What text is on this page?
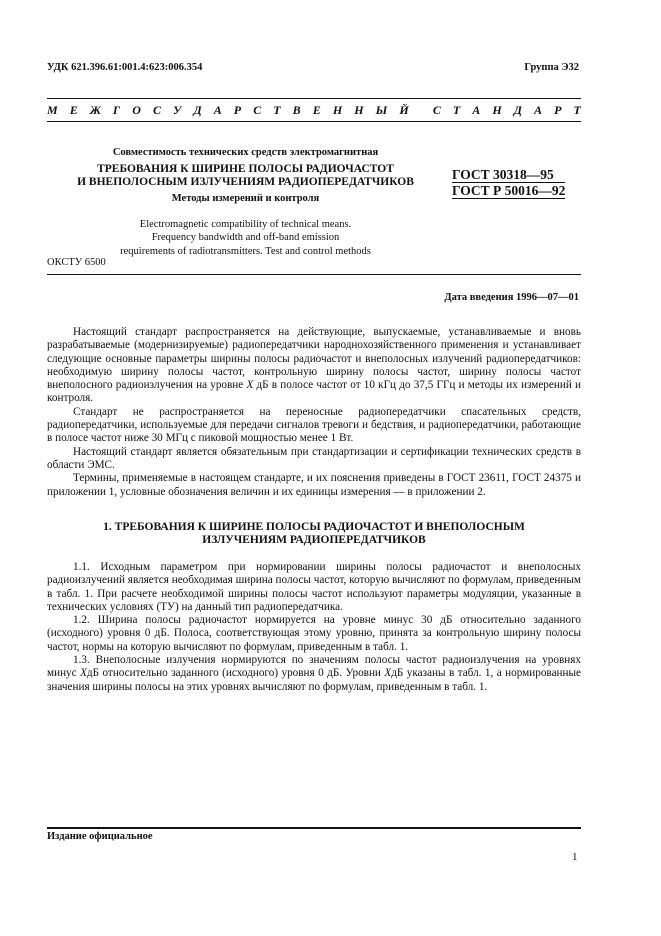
УДК 621.396.61:001.4:623:006.354	Группа Э32
М Е Ж Г О С У Д А Р С Т В Е Н Н Ы Й С Т А Н Д А Р Т
Совместимость технических средств электромагнитная
ТРЕБОВАНИЯ К ШИРИНЕ ПОЛОСЫ РАДИОЧАСТОТ
И ВНЕПОЛОСНЫМ ИЗЛУЧЕНИЯМ РАДИОПЕРЕДАТЧИКОВ
Методы измерений и контроля
ГОСТ 30318—95
ГОСТ Р 50016—92
Electromagnetic compatibility of technical means.
Frequency bandwidth and off-band emission
requirements of radiotransmitters. Test and control methods
ОКСТУ 6500
Дата введения 1996—07—01

Настоящий стандарт распространяется на действующие, выпускаемые, устанавливаемые и вновь разрабатываемые (модернизируемые) радиопередатчики народнохозяйственного применения и устанавливает следующие основные параметры ширины полосы радиочастот и внеполосных излучений радиопередатчиков: необходимую ширину полосы частот, контрольную ширину полосы частот, ширину полосы частот внеполосного радиоизлучения на уровне X дБ в полосе частот от 10 кГц до 37,5 ГГц и методы их измерений и контроля.

Стандарт не распространяется на переносные радиопередатчики спасательных средств, радиопередатчики, используемые для передачи сигналов тревоги и бедствия, и радиопередатчики, работающие в полосе частот ниже 30 МГц с пиковой мощностью менее 1 Вт.

Настоящий стандарт является обязательным при стандартизации и сертификации технических средств в области ЭМС.

Термины, применяемые в настоящем стандарте, и их пояснения приведены в ГОСТ 23611, ГОСТ 24375 и приложении 1, условные обозначения величин и их единицы измерения — в приложении 2.

1. ТРЕБОВАНИЯ К ШИРИНЕ ПОЛОСЫ РАДИОЧАСТОТ И ВНЕПОЛОСНЫМ
ИЗЛУЧЕНИЯМ РАДИОПЕРЕДАТЧИКОВ

1.1. Исходным параметром при нормировании ширины полосы радиочастот и внеполосных радиоизлучений является необходимая ширина полосы частот, которую вычисляют по формулам, приведенным в табл. 1. При расчете необходимой ширины полосы частот используют параметры модуляции, указанные в технических условиях (ТУ) на данный тип радиопередатчика.

1.2. Ширина полосы радиочастот нормируется на уровне минус 30 дБ относительно заданного (исходного) уровня 0 дБ. Полоса, соответствующая этому уровню, принята за контрольную ширину полосы частот, нормы на которую вычисляют по формулам, приведенным в табл. 1.

1.3. Внеполосные излучения нормируются по значениям полосы частот радиоизлучения на уровнях минус XдБ относительно заданного (исходного) уровня 0 дБ. Уровни XдБ указаны в табл. 1, а нормированные значения ширины полосы на этих уровнях вычисляют по формулам, приведенным в табл. 1.

Издание официальное
1
